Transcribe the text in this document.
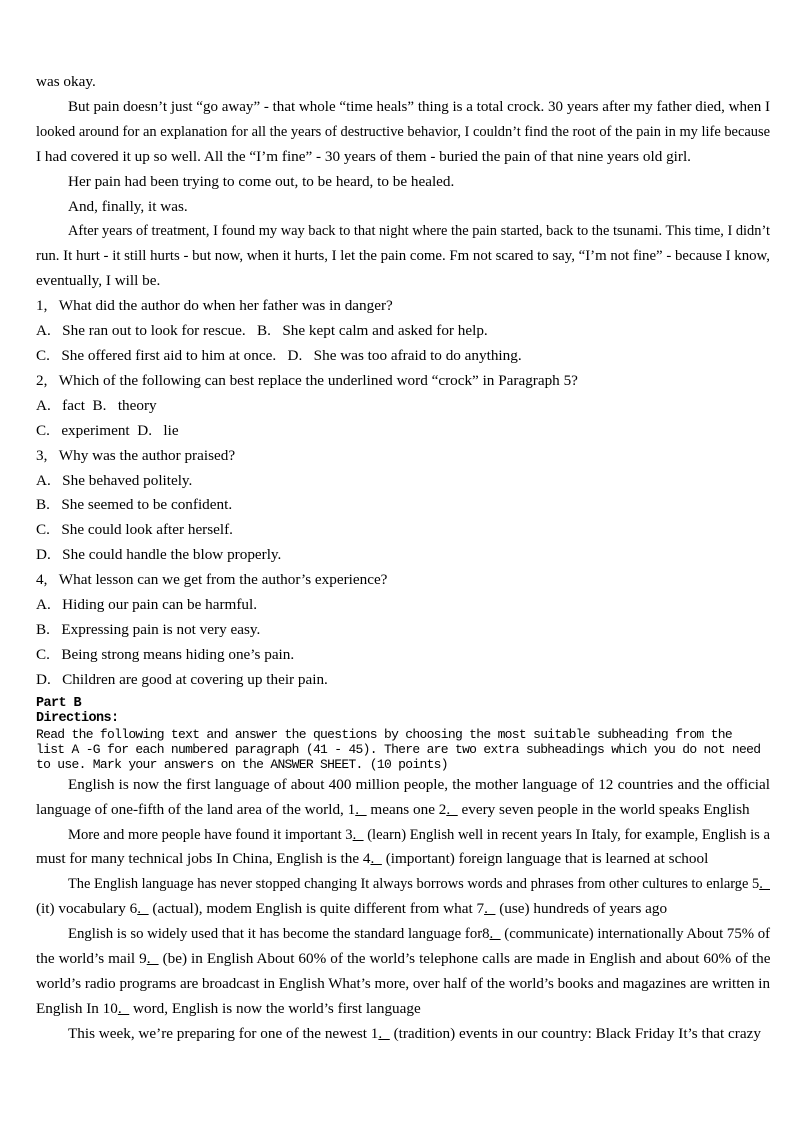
was okay.
But pain doesn’t just “go away” - that whole “time heals” thing is a total crock. 30 years after my father died, when I
looked around for an explanation for all the years of destructive behavior, I couldn’t find the root of the pain in my life because
I had covered it up so well. All the “I’m fine” - 30 years of them - buried the pain of that nine years old girl.
Her pain had been trying to come out, to be heard, to be healed.
And, finally, it was.
After years of treatment, I found my way back to that night where the pain started, back to the tsunami. This time, I didn’t
run. It hurt - it still hurts - but now, when it hurts, I let the pain come. Fm not scared to say, “I’m not fine” - because I know,
eventually, I will be.
1,   What did the author do when her father was in danger?
A.   She ran out to look for rescue.   B.   She kept calm and asked for help.
C.   She offered first aid to him at once.   D.   She was too afraid to do anything.
2,   Which of the following can best replace the underlined word “crock” in Paragraph 5?
A.   fact  B.   theory
C.   experiment  D.   lie
3,   Why was the author praised?
A.   She behaved politely.
B.   She seemed to be confident.
C.   She could look after herself.
D.   She could handle the blow properly.
4,   What lesson can we get from the author’s experience?
A.   Hiding our pain can be harmful.
B.   Expressing pain is not very easy.
C.   Being strong means hiding one’s pain.
D.   Children are good at covering up their pain.
Part B
Directions:
Read the following text and answer the questions by choosing the most suitable subheading from the
list A -G for each numbered paragraph (41 - 45). There are two extra subheadings which you do not need
to use. Mark your answers on the ANSWER SHEET. (10 points)
English is now the first language of about 400 million people, the mother language of 12 countries and the official
language of one-fifth of the land area of the world, 1.   means one 2.   every seven people in the world speaks English
More and more people have found it important 3.   (learn) English well in recent years In Italy, for example, English is a
must for many technical jobs In China, English is the 4.   (important) foreign language that is learned at school
The English language has never stopped changing It always borrows words and phrases from other cultures to enlarge 5.
(it) vocabulary 6.   (actual), modem English is quite different from what 7.   (use) hundreds of years ago
English is so widely used that it has become the standard language for8.   (communicate) internationally About 75% of
the world’s mail 9.   (be) in English About 60% of the world’s telephone calls are made in English and about 60% of the
world’s radio programs are broadcast in English What’s more, over half of the world’s books and magazines are written in
English In 10.   word, English is now the world’s first language
This week, we’re preparing for one of the newest 1.   (tradition) events in our country: Black Friday It’s that crazy
